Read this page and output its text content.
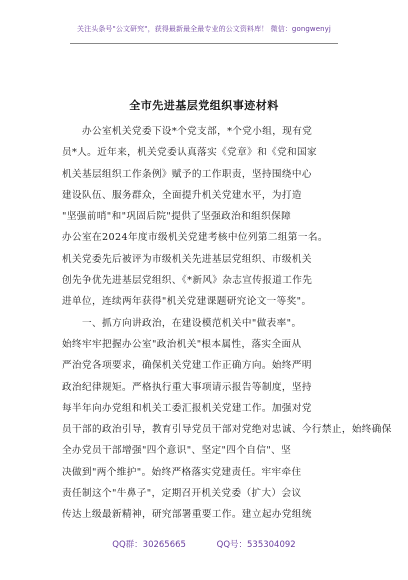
关注头条号"公文研究"，获得最新最全最专业的公文资料库！ 微信：gongwenyj
全市先进基层党组织事迹材料
　　办公室机关党委下设*个党支部，*个党小组，现有党
员*人。近年来，机关党委认真落实《党章》和《党和国家
机关基层组织工作条例》赋予的工作职责，坚持围绕中心
建设队伍、服务群众，全面提升机关党建水平，为打造
"坚强前哨"和"巩固后院"提供了坚强政治和组织保障
办公室在2024年度市级机关党建考核中位列第二组第一名。
机关党委先后被评为市级机关先进基层党组织、市级机关
创先争优先进基层党组织、《*新风》杂志宣传报道工作先
进单位，连续两年获得"机关党建课题研究论文一等奖"。
　　一、抓方向讲政治，在建设模范机关中"做表率"。
始终牢牢把握办公室"政治机关"根本属性，落实全面从
严治党各项要求，确保机关党建工作正确方向。始终严明
政治纪律规矩。严格执行重大事项请示报告等制度，坚持
每半年向办党组和机关工委汇报机关党建工作。加强对党
员干部的政治引导，教育引导党员干部对党绝对忠诚、今行禁止，始终确保
全办党员干部增强"四个意识"、坚定"四个自信"、坚
决做到"两个维护"。始终严格落实党建责任。牢牢牵住
责任制这个"牛鼻子"，定期召开机关党委（扩大）会议
传达上级最新精神，研究部署重要工作。建立起办党组统
QQ群：30265665	QQ号：535304092
